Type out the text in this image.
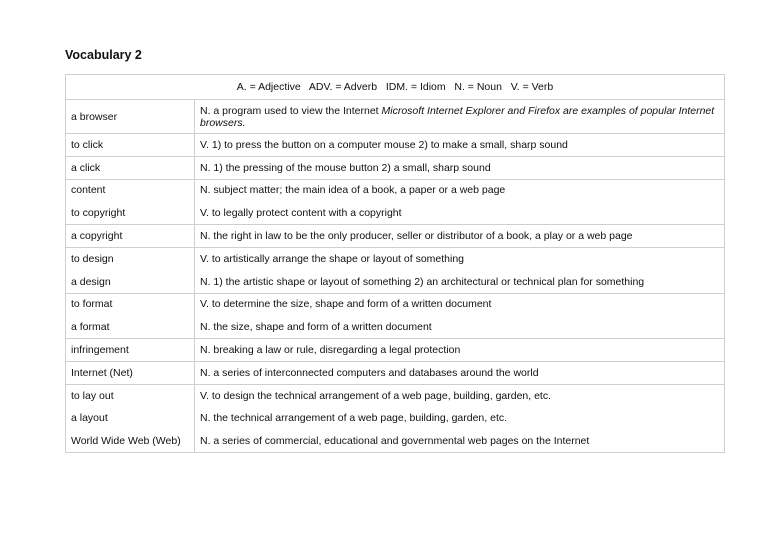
Vocabulary 2
A. = Adjective   ADV. = Adverb   IDM. = Idiom   N. = Noun   V. = Verb	
a browser	N. a program used to view the Internet Microsoft Internet Explorer and Firefox are examples of popular Internet browsers.
to click	V. 1) to press the button on a computer mouse 2) to make a small, sharp sound
a click	N. 1) the pressing of the mouse button 2) a small, sharp sound
content	N. subject matter; the main idea of a book, a paper or a web page
to copyright	V. to legally protect content with a copyright
a copyright	N. the right in law to be the only producer, seller or distributor of a book, a play or a web page
to design	V. to artistically arrange the shape or layout of something
a design	N. 1) the artistic shape or layout of something 2) an architectural or technical plan for something
to format	V. to determine the size, shape and form of a written document
a format	N. the size, shape and form of a written document
infringement	N. breaking a law or rule, disregarding a legal protection
Internet (Net)	N. a series of interconnected computers and databases around the world
to lay out	V. to design the technical arrangement of a web page, building, garden, etc.
a layout	N. the technical arrangement of a web page, building, garden, etc.
World Wide Web (Web)	N. a series of commercial, educational and governmental web pages on the Internet
